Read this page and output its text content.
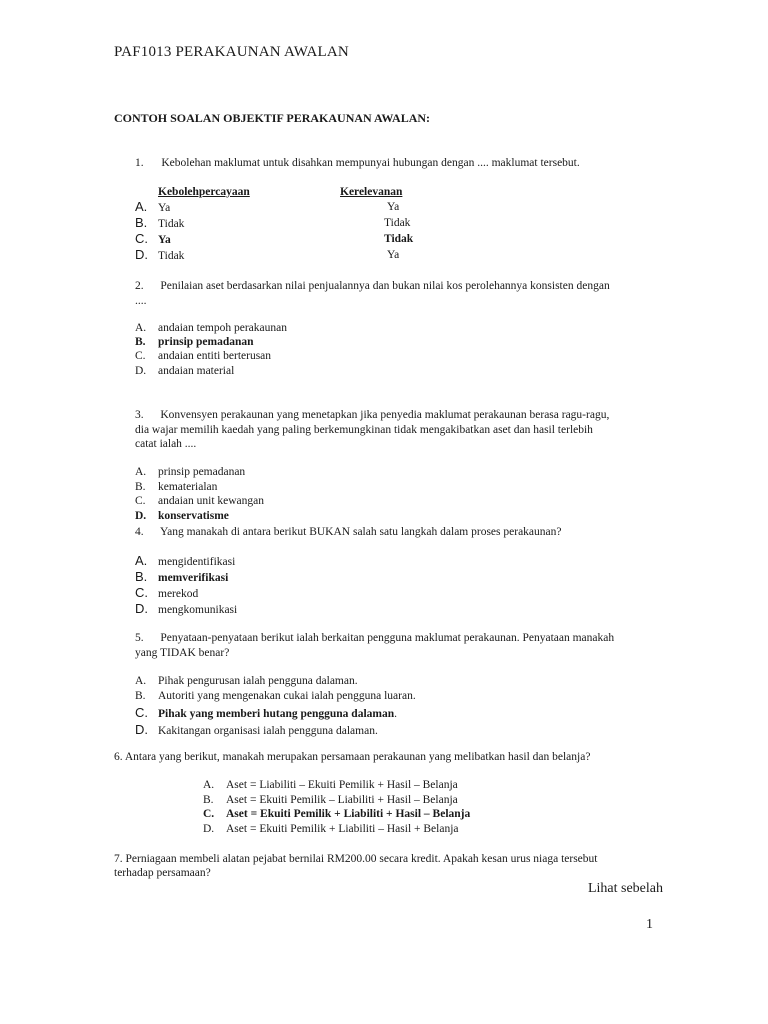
PAF1013 PERAKAUNAN AWALAN
CONTOH SOALAN OBJEKTIF PERAKAUNAN AWALAN:
1. Kebolehan maklumat untuk disahkan mempunyai hubungan dengan .... maklumat tersebut.
Kebolehpercayaan	Kerelevanan
A. Ya	Ya
B. Tidak	Tidak
C. Ya	Tidak
D. Tidak	Ya
2. Penilaian aset berdasarkan nilai penjualannya dan bukan nilai kos perolehannya konsisten dengan
....
A.	andaian tempoh perakaunan
B.	prinsip pemadanan
C.	andaian entiti berterusan
D.	andaian material
3. Konvensyen perakaunan yang menetapkan jika penyedia maklumat perakaunan berasa ragu-ragu,
dia wajar memilih kaedah yang paling berkemungkinan tidak mengakibatkan aset dan hasil terlebih
catat ialah ....
A.	prinsip pemadanan
B.	kematerialan
C.	andaian unit kewangan
D.	konservatisme
4. Yang manakah di antara berikut BUKAN salah satu langkah dalam proses perakaunan?
A. mengidentifikasi
B. memverifikasi
C. merekod
D. mengkomunikasi
5. Penyataan-penyataan berikut ialah berkaitan pengguna maklumat perakaunan. Penyataan manakah
yang TIDAK benar?
A.	Pihak pengurusan ialah pengguna dalaman.
B.	Autoriti yang mengenakan cukai ialah pengguna luaran.
C. Pihak yang memberi hutang pengguna dalaman .
D. Kakitangan organisasi ialah pengguna dalaman.
6. Antara yang berikut, manakah merupakan persamaan perakaunan yang melibatkan hasil dan belanja?
A.	Aset = Liabiliti – Ekuiti Pemilik + Hasil – Belanja
B.	Aset = Ekuiti Pemilik – Liabiliti + Hasil – Belanja
C.	Aset = Ekuiti Pemilik + Liabiliti + Hasil – Belanja
D.	Aset = Ekuiti Pemilik + Liabiliti – Hasil + Belanja
7. Perniagaan membeli alatan pejabat bernilai RM200.00 secara kredit. Apakah kesan urus niaga tersebut
terhadap persamaan?
Lihat sebelah
1
